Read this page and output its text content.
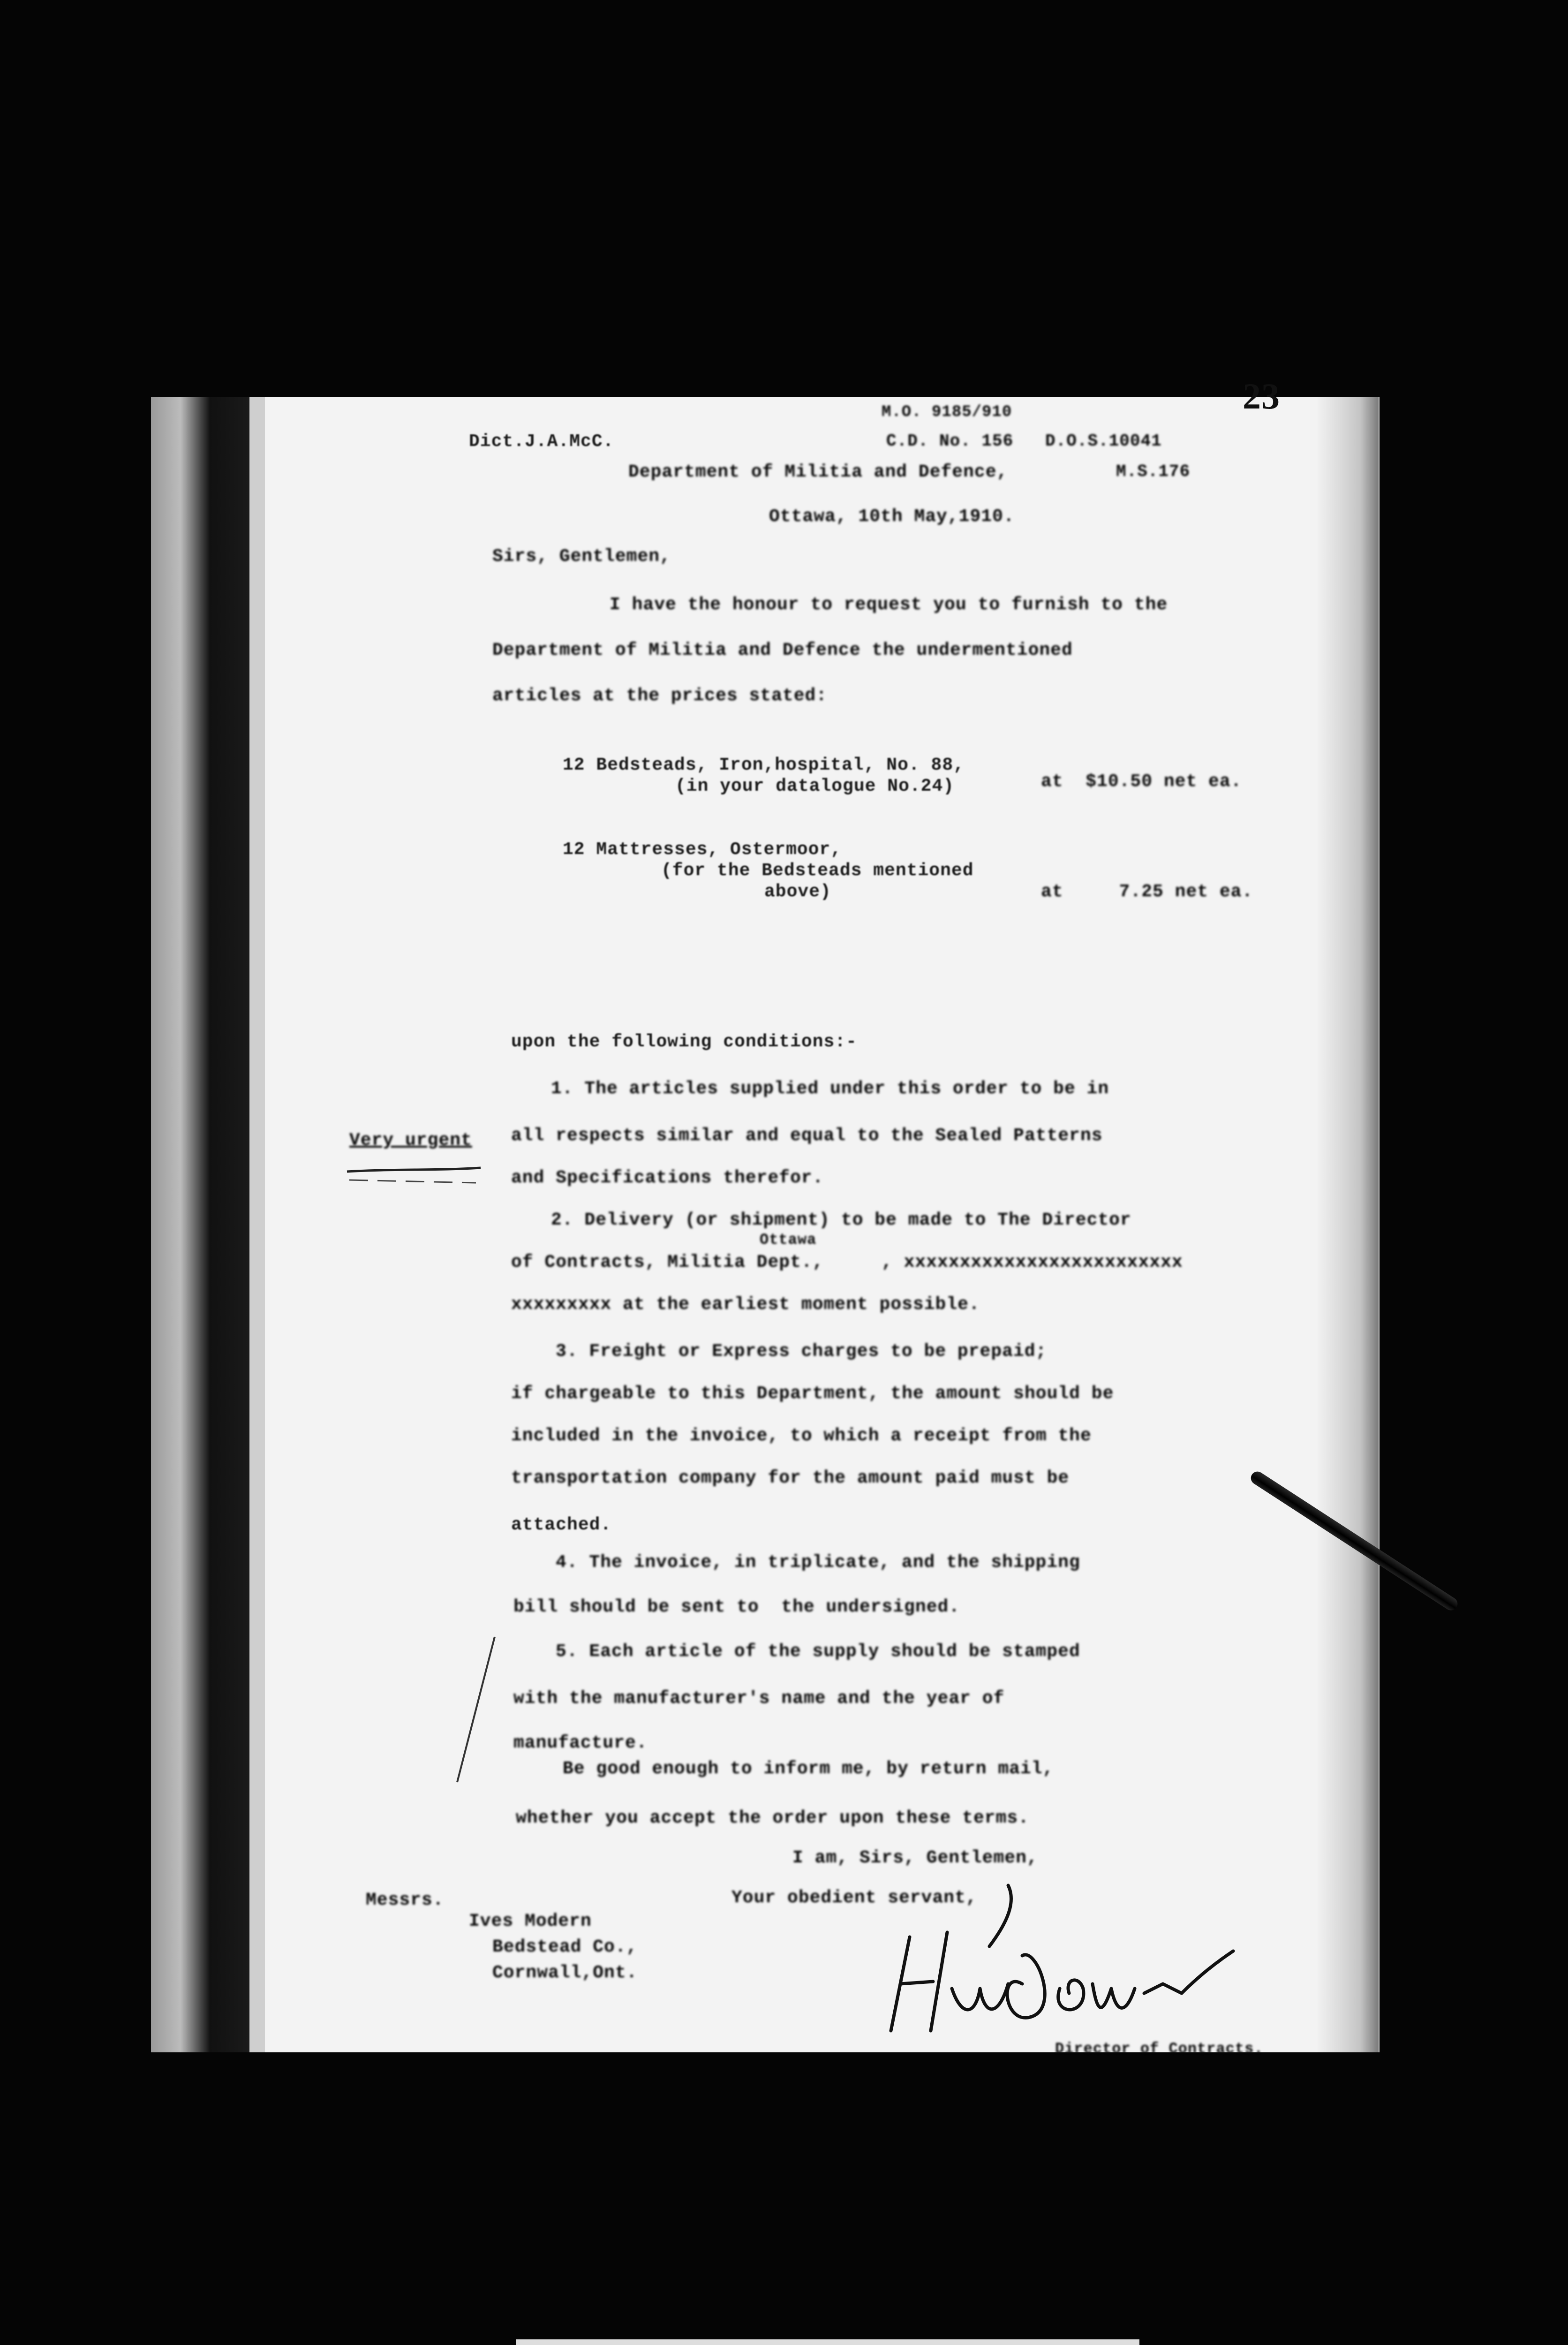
23
M.O. 9185/910
C.D. No. 156   D.O.S.10041
M.S.176
Dict.J.A.McC.
Department of Militia and Defence,
Ottawa, 10th May,1910.
Sirs, Gentlemen,
I have the honour to request you to furnish to the
Department of Militia and Defence the undermentioned
articles at the prices stated:
12 Bedsteads, Iron,hospital, No. 88,
(in your datalogue No.24)	at  $10.50 net ea.
12 Mattresses, Ostermoor,
(for the Bedsteads mentioned
above)	at     7.25 net ea.
upon the following conditions:-
Very urgent
1. The articles supplied under this order to be in
all respects similar and equal to the Sealed Patterns
and Specifications therefor.
2. Delivery (or shipment) to be made to The Director
of Contracts, Militia Dept.,
Ottawa
, xxxxxxxxxxxxxxxxxxxxxxxxx
xxxxxxxxx at the earliest moment possible.
3. Freight or Express charges to be prepaid;
if chargeable to this Department, the amount should be
included in the invoice, to which a receipt from the
transportation company for the amount paid must be
attached.
4. The invoice, in triplicate, and the shipping
bill should be sent to  the undersigned.
5. Each article of the supply should be stamped
with the manufacturer's name and the year of
manufacture.
Be good enough to inform me, by return mail,
whether you accept the order upon these terms.
I am, Sirs, Gentlemen,
Your obedient servant,
Messrs.
Ives Modern
Bedstead Co.,
Cornwall,Ont.
Director of Contracts.
